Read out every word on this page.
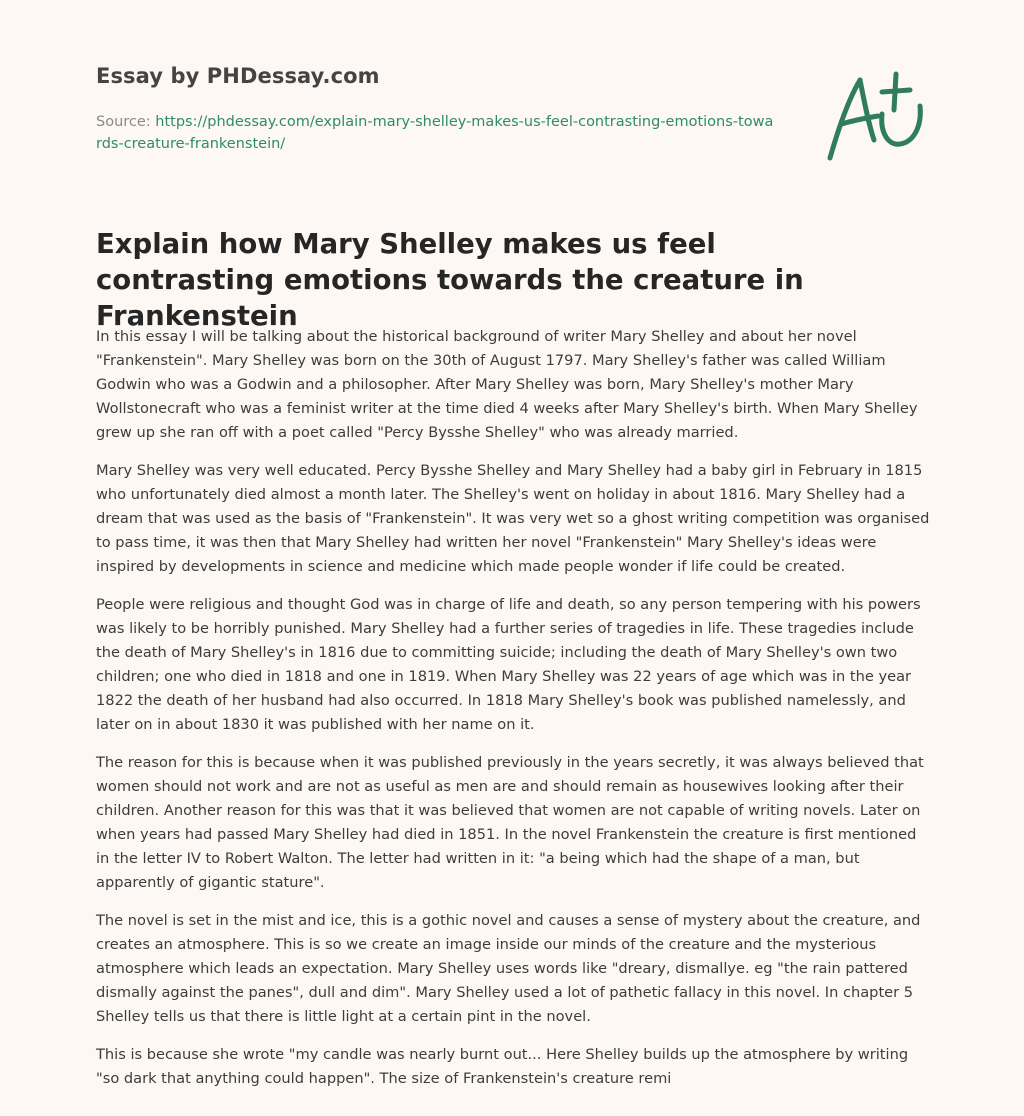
Essay by PHDessay.com
Source: https://phdessay.com/explain-mary-shelley-makes-us-feel-contrasting-emotions-towards-creature-frankenstein/
Explain how Mary Shelley makes us feel contrasting emotions towards the creature in Frankenstein

In this essay I will be talking about the historical background of writer Mary Shelley and about her novel "Frankenstein". Mary Shelley was born on the 30th of August 1797. Mary Shelley's father was called William Godwin who was a Godwin and a philosopher. After Mary Shelley was born, Mary Shelley's mother Mary Wollstonecraft who was a feminist writer at the time died 4 weeks after Mary Shelley's birth. When Mary Shelley grew up she ran off with a poet called "Percy Bysshe Shelley" who was already married.

Mary Shelley was very well educated. Percy Bysshe Shelley and Mary Shelley had a baby girl in February in 1815 who unfortunately died almost a month later. The Shelley's went on holiday in about 1816. Mary Shelley had a dream that was used as the basis of "Frankenstein". It was very wet so a ghost writing competition was organised to pass time, it was then that Mary Shelley had written her novel "Frankenstein" Mary Shelley's ideas were inspired by developments in science and medicine which made people wonder if life could be created.

People were religious and thought God was in charge of life and death, so any person tempering with his powers was likely to be horribly punished. Mary Shelley had a further series of tragedies in life. These tragedies include the death of Mary Shelley's in 1816 due to committing suicide; including the death of Mary Shelley's own two children; one who died in 1818 and one in 1819. When Mary Shelley was 22 years of age which was in the year 1822 the death of her husband had also occurred. In 1818 Mary Shelley's book was published namelessly, and later on in about 1830 it was published with her name on it.

The reason for this is because when it was published previously in the years secretly, it was always believed that women should not work and are not as useful as men are and should remain as housewives looking after their children. Another reason for this was that it was believed that women are not capable of writing novels. Later on when years had passed Mary Shelley had died in 1851. In the novel Frankenstein the creature is first mentioned in the letter IV to Robert Walton. The letter had written in it: "a being which had the shape of a man, but apparently of gigantic stature".

The novel is set in the mist and ice, this is a gothic novel and causes a sense of mystery about the creature, and creates an atmosphere. This is so we create an image inside our minds of the creature and the mysterious atmosphere which leads an expectation. Mary Shelley uses words like "dreary, dismallye. eg "the rain pattered dismally against the panes", dull and dim". Mary Shelley used a lot of pathetic fallacy in this novel. In chapter 5 Shelley tells us that there is little light at a certain pint in the novel.

This is because she wrote "my candle was nearly burnt out... Here Shelley builds up the atmosphere by writing "so dark that anything could happen". The size of Frankenstein's creature remi
